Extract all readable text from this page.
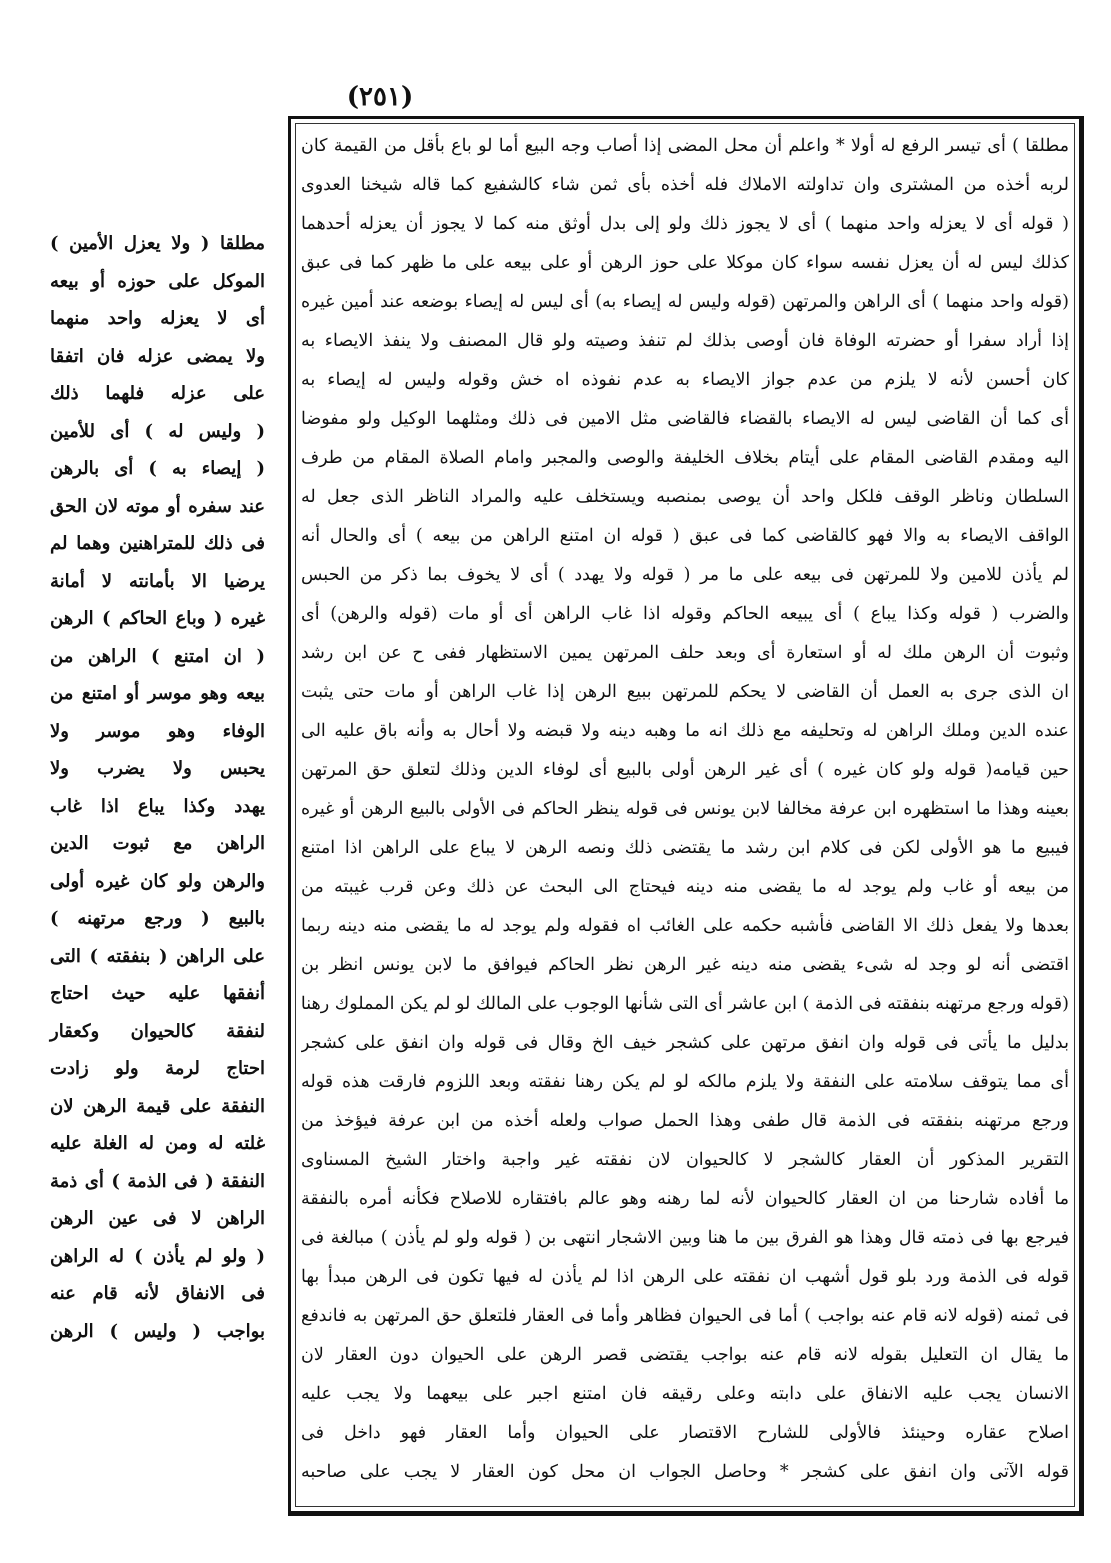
(٢٥١)
مطلقا ) أى تيسر الرفع له أولا * واعلم أن محل المضى إذا أصاب وجه البيع أما لو باع بأقل من القيمة كان
لربه أخذه من المشترى وان تداولته الاملاك فله أخذه بأى ثمن شاء كالشفيع كما قاله شيخنا العدوى
( قوله أى لا يعزله واحد منهما ) أى لا يجوز ذلك ولو إلى بدل أوثق منه كما لا يجوز أن يعزله أحدهما
كذلك ليس له أن يعزل نفسه سواء كان موكلا على حوز الرهن أو على بيعه على ما ظهر كما فى عبق
(قوله واحد منهما ) أى الراهن والمرتهن (قوله وليس له إيصاء به) أى ليس له إيصاء بوضعه عند أمين غيره
إذا أراد سفرا أو حضرته الوفاة فان أوصى بذلك لم تنفذ وصيته ولو قال المصنف ولا ينفذ الايصاء به
كان أحسن لأنه لا يلزم من عدم جواز الايصاء به عدم نفوذه اه خش وقوله وليس له إيصاء به
أى كما أن القاضى ليس له الايصاء بالقضاء فالقاضى مثل الامين فى ذلك ومثلهما الوكيل ولو مفوضا
اليه ومقدم القاضى المقام على أيتام بخلاف الخليفة والوصى والمجبر وامام الصلاة المقام من طرف
السلطان وناظر الوقف فلكل واحد أن يوصى بمنصبه ويستخلف عليه والمراد الناظر الذى جعل له
الواقف الايصاء به والا فهو كالقاضى كما فى عبق ( قوله ان امتنع الراهن من بيعه ) أى والحال أنه
لم يأذن للامين ولا للمرتهن فى بيعه على ما مر ( قوله ولا يهدد ) أى لا يخوف بما ذكر من الحبس
والضرب ( قوله وكذا يباع ) أى يبيعه الحاكم وقوله اذا غاب الراهن أى أو مات (قوله والرهن) أى
وثبوت أن الرهن ملك له أو استعارة أى وبعد حلف المرتهن يمين الاستظهار ففى ح عن ابن رشد
ان الذى جرى به العمل أن القاضى لا يحكم للمرتهن ببيع الرهن إذا غاب الراهن أو مات حتى يثبت
عنده الدين وملك الراهن له وتحليفه مع ذلك انه ما وهبه دينه ولا قبضه ولا أحال به وأنه باق عليه الى
حين قيامه( قوله ولو كان غيره ) أى غير الرهن أولى بالبيع أى لوفاء الدين وذلك لتعلق حق المرتهن
بعينه وهذا ما استظهره ابن عرفة مخالفا لابن يونس فى قوله ينظر الحاكم فى الأولى بالبيع الرهن أو غيره
فيبيع ما هو الأولى لكن فى كلام ابن رشد ما يقتضى ذلك ونصه الرهن لا يباع على الراهن اذا امتنع
من بيعه أو غاب ولم يوجد له ما يقضى منه دينه فيحتاج الى البحث عن ذلك وعن قرب غيبته من
بعدها ولا يفعل ذلك الا القاضى فأشبه حكمه على الغائب اه فقوله ولم يوجد له ما يقضى منه دينه ربما
اقتضى أنه لو وجد له شىء يقضى منه دينه غير الرهن نظر الحاكم فيوافق ما لابن يونس انظر بن
(قوله ورجع مرتهنه بنفقته فى الذمة ) ابن عاشر أى التى شأنها الوجوب على المالك لو لم يكن المملوك رهنا
بدليل ما يأتى فى قوله وان انفق مرتهن على كشجر خيف الخ وقال فى قوله وان انفق على كشجر
أى مما يتوقف سلامته على النفقة ولا يلزم مالكه لو لم يكن رهنا نفقته وبعد اللزوم فارقت هذه قوله
ورجع مرتهنه بنفقته فى الذمة قال طفى وهذا الحمل صواب ولعله أخذه من ابن عرفة فيؤخذ من
التقرير المذكور أن العقار كالشجر لا كالحيوان لان نفقته غير واجبة واختار الشيخ المسناوى
ما أفاده شارحنا من ان العقار كالحيوان لأنه لما رهنه وهو عالم بافتقاره للاصلاح فكأنه أمره بالنفقة
فيرجع بها فى ذمته قال وهذا هو الفرق بين ما هنا وبين الاشجار انتهى بن ( قوله ولو لم يأذن ) مبالغة فى
قوله فى الذمة ورد بلو قول أشهب ان نفقته على الرهن اذا لم يأذن له فيها تكون فى الرهن مبدأ بها
فى ثمنه (قوله لانه قام عنه بواجب ) أما فى الحيوان فظاهر وأما فى العقار فلتعلق حق المرتهن به فاندفع
ما يقال ان التعليل بقوله لانه قام عنه بواجب يقتضى قصر الرهن على الحيوان دون العقار لان
الانسان يجب عليه الانفاق على دابته وعلى رقيقه فان امتنع اجبر على بيعهما ولا يجب عليه
اصلاح عقاره وحينئذ فالأولى للشارح الاقتصار على الحيوان وأما العقار فهو داخل فى
قوله الآتى وان انفق على كشجر * وحاصل الجواب ان محل كون العقار لا يجب على صاحبه
مطلقا ( ولا يعزل الأمين )
الموكل على حوزه أو بيعه
أى لا يعزله واحد منهما
ولا يمضى عزله فان اتفقا
على عزله فلهما ذلك
( وليس له ) أى للأمين
( إيصاء به ) أى بالرهن
عند سفره أو موته لان الحق
فى ذلك للمتراهنين وهما لم
يرضيا الا بأمانته لا أمانة
غيره ( وباع الحاكم ) الرهن
( ان امتنع ) الراهن من
بيعه وهو موسر أو امتنع من
الوفاء وهو موسر ولا
يحبس ولا يضرب ولا
يهدد وكذا يباع اذا غاب
الراهن مع ثبوت الدين
والرهن ولو كان غيره أولى
بالبيع ( ورجع مرتهنه )
على الراهن ( بنفقته ) التى
أنفقها عليه حيث احتاج
لنفقة كالحيوان وكعقار
احتاج لرمة ولو زادت
النفقة على قيمة الرهن لان
غلته له ومن له الغلة عليه
النفقة ( فى الذمة ) أى ذمة
الراهن لا فى عين الرهن
( ولو لم يأذن ) له الراهن
فى الانفاق لأنه قام عنه
بواجب ( وليس ) الرهن
